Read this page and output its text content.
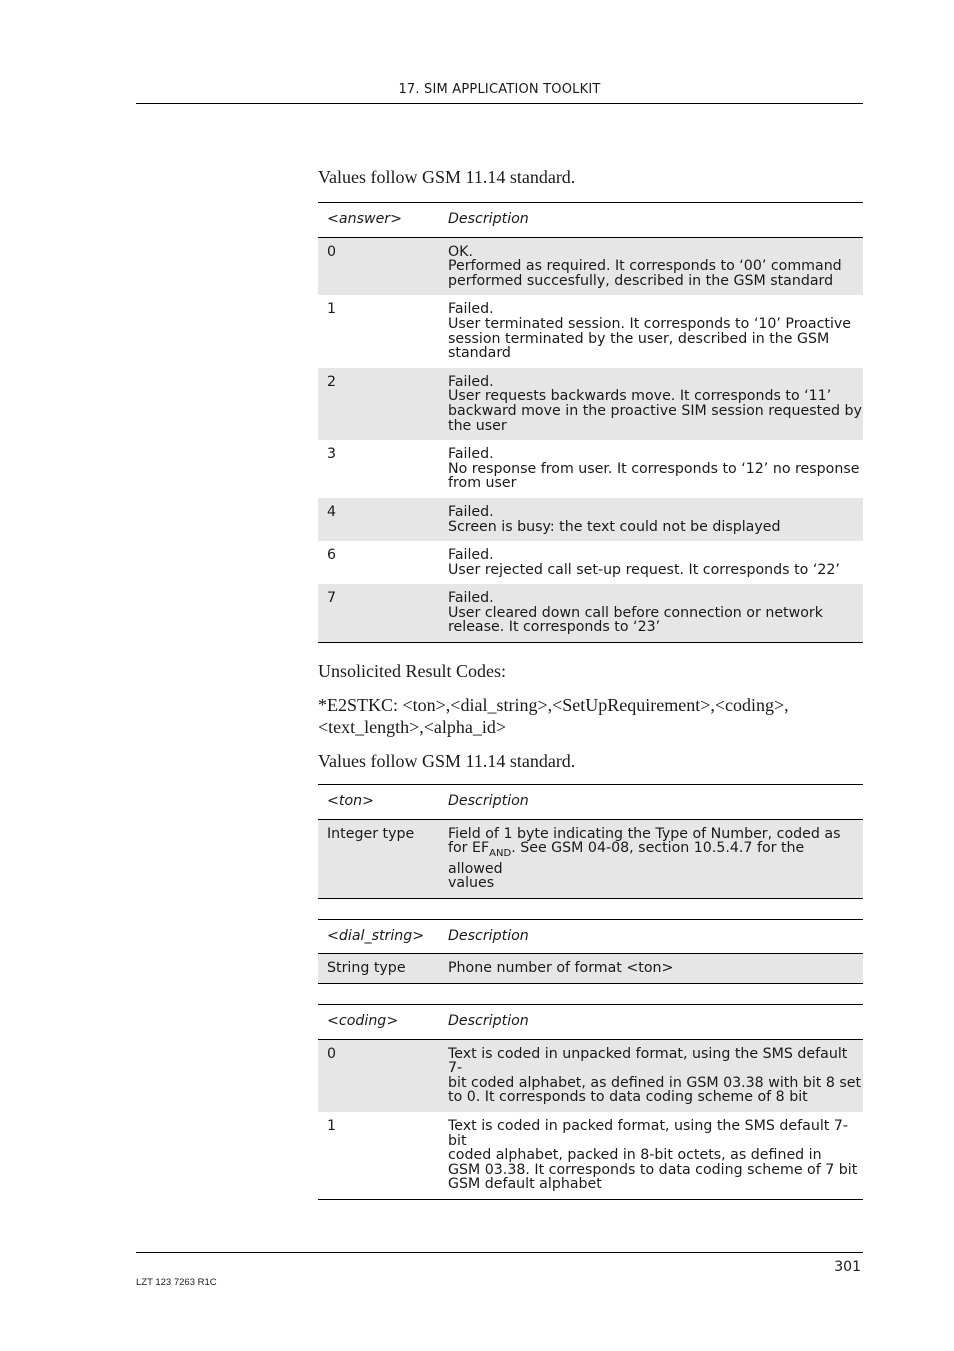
17. SIM APPLICATION TOOLKIT

Values follow GSM 11.14 standard.

<answer>	Description
0	OK.
Performed as required. It corresponds to ‘00’ command
performed succesfully, described in the GSM standard

1	Failed.
User terminated session. It corresponds to ‘10’ Proactive
session terminated by the user, described in the GSM
standard

2	Failed.
User requests backwards move. It corresponds to ‘11’
backward move in the proactive SIM session requested by
the user

3	Failed.
No response from user. It corresponds to ‘12’ no response
from user

4	Failed.
Screen is busy: the text could not be displayed

6	Failed.
User rejected call set-up request. It corresponds to ‘22’

7	Failed.
User cleared down call before connection or network
release. It corresponds to ‘23’

Unsolicited Result Codes:

*E2STKC: <ton>,<dial_string>,<SetUpRequirement>,<coding>,

<text_length>,<alpha_id>

Values follow GSM 11.14 standard.

<ton>	Description
Integer type	Field of 1 byte indicating the Type of Number, coded as
for $EF_{AND}$. See GSM 04-08, section 10.5.4.7 for the allowed
values
<dial_string>	Description
String type	Phone number of format <ton>
<coding>	Description
0	Text is coded in unpacked format, using the SMS default 7-
bit coded alphabet, as defined in GSM 03.38 with bit 8 set
to 0. It corresponds to data coding scheme of 8 bit

1	Text is coded in packed format, using the SMS default 7-bit
coded alphabet, packed in 8-bit octets, as defined in
GSM 03.38. It corresponds to data coding scheme of 7 bit
GSM default alphabet
301
LZT 123 7263 R1C
